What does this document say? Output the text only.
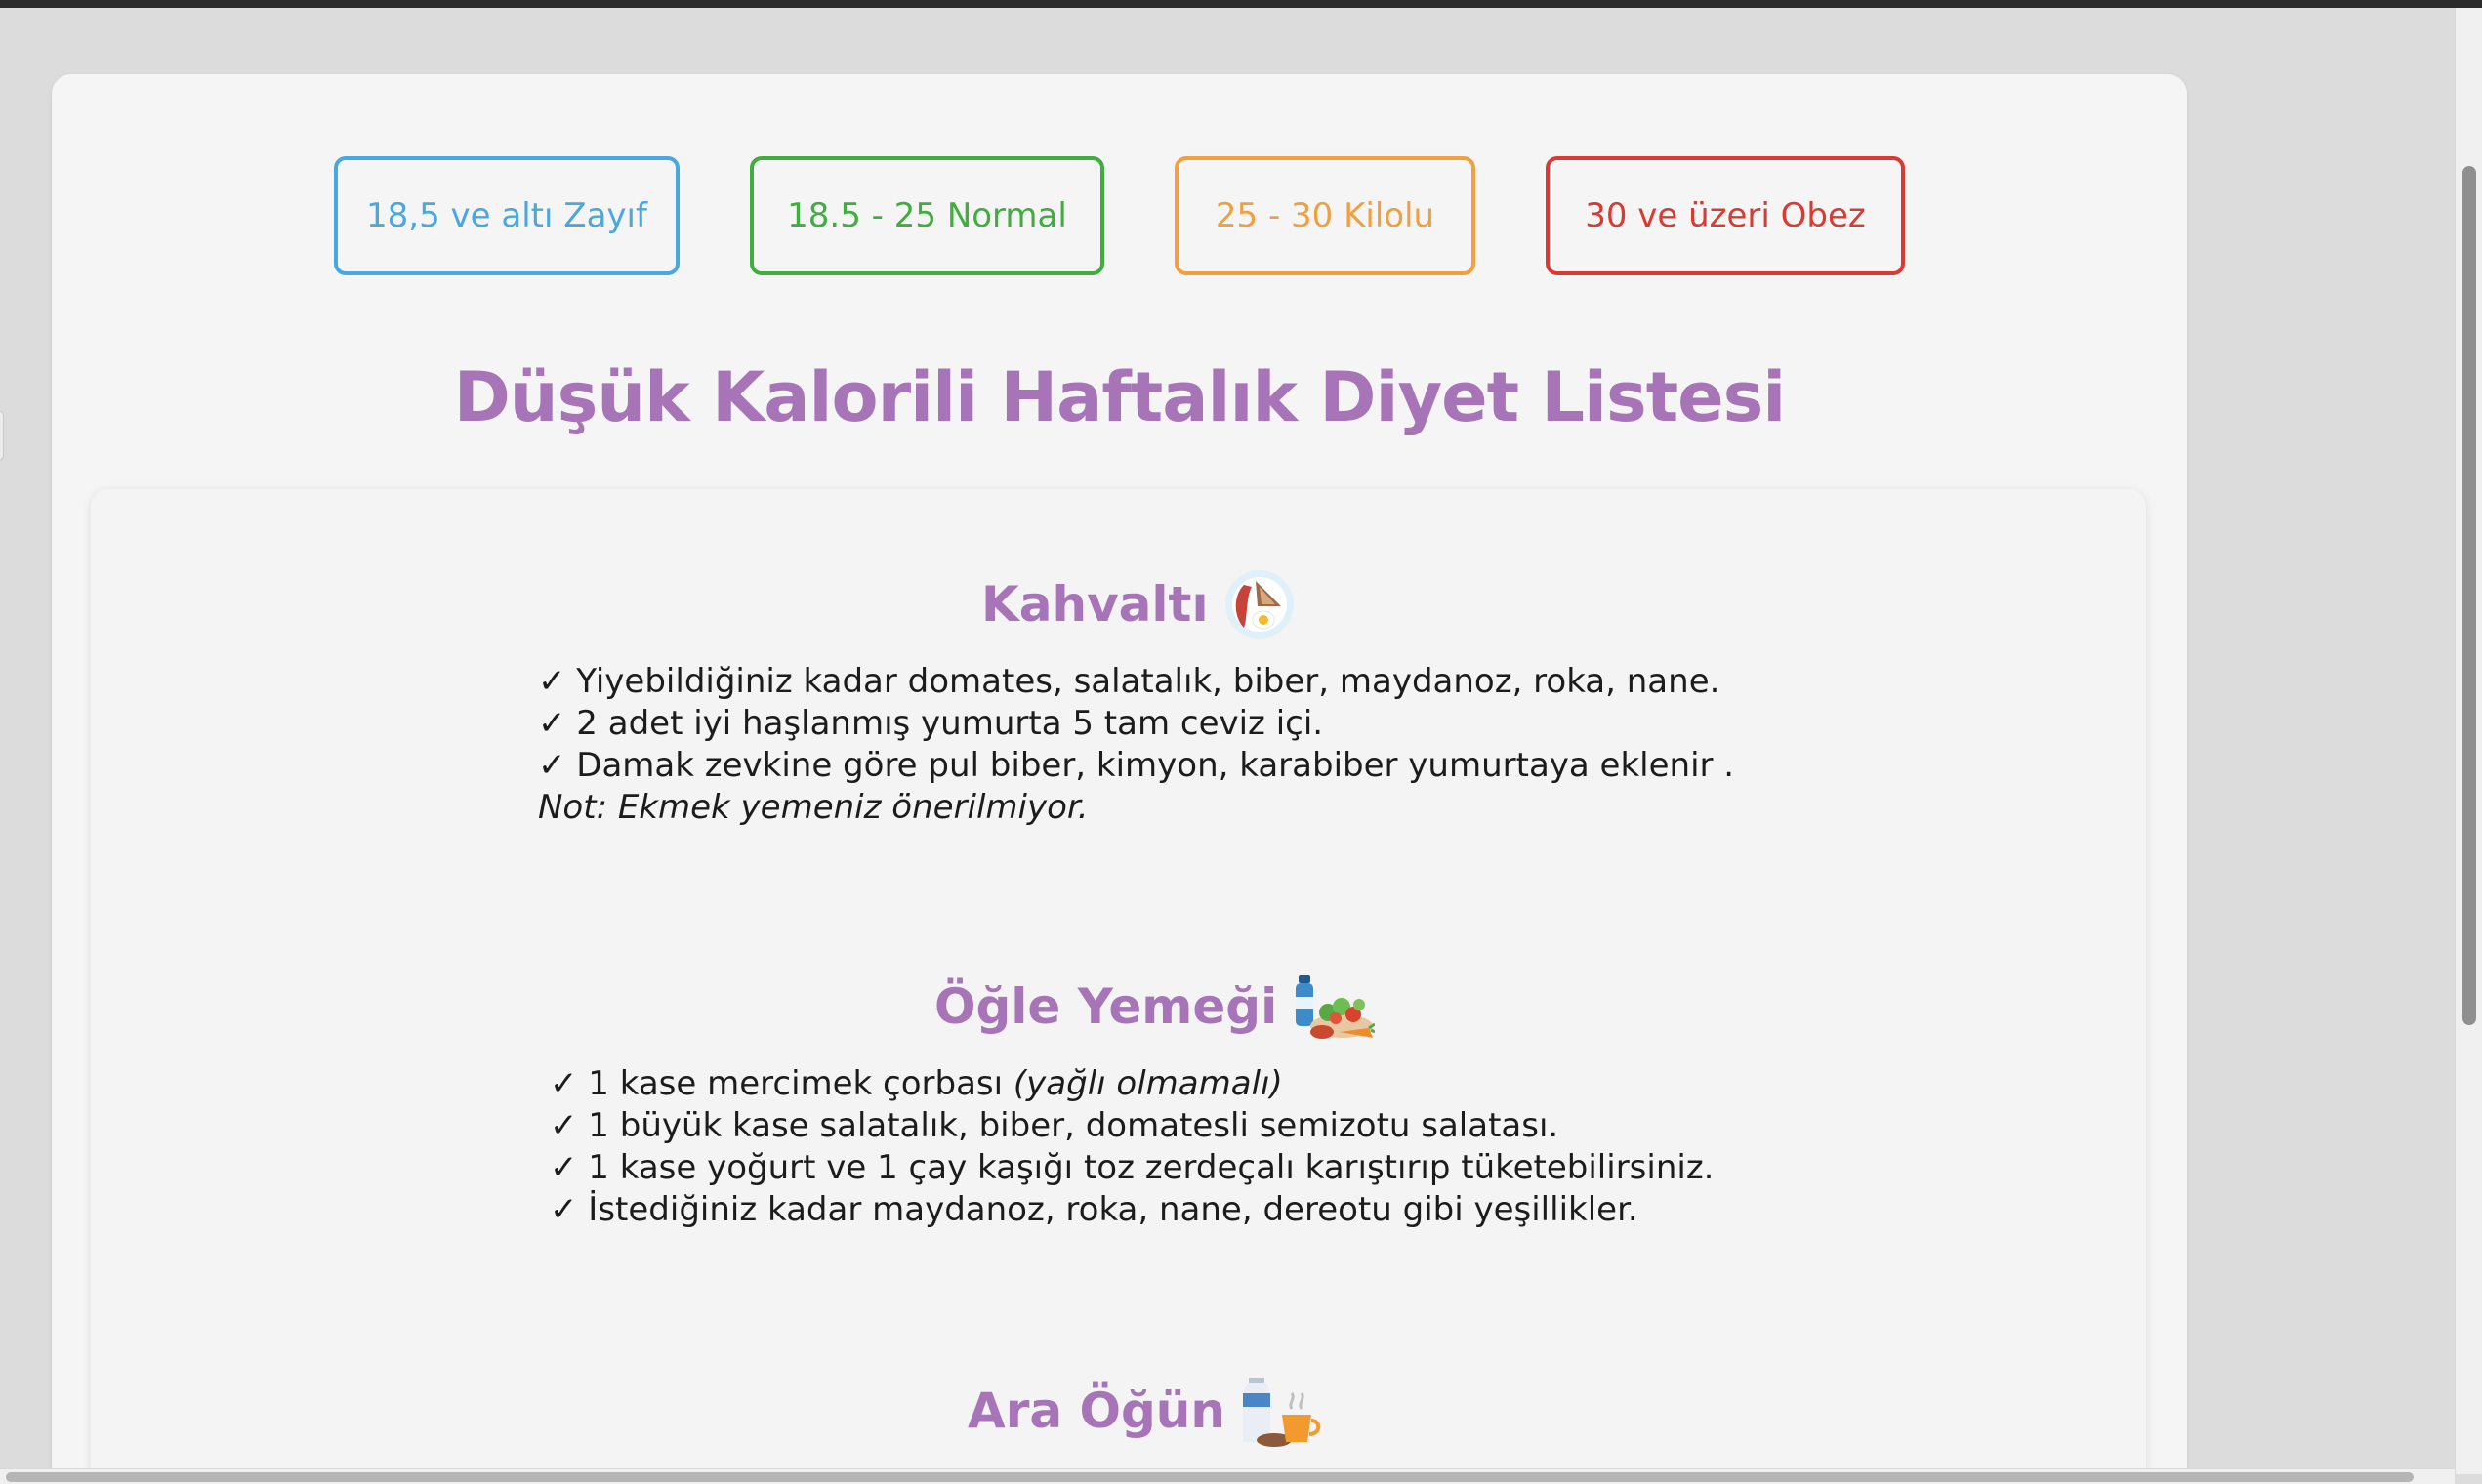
18,5 ve altı Zayıf	18.5 - 25 Normal	25 - 30 Kilolu	30 ve üzeri Obez
Düşük Kalorili Haftalık Diyet Listesi
Kahvaltı
✓ Yiyebildiğiniz kadar domates, salatalık, biber, maydanoz, roka, nane.
✓ 2 adet iyi haşlanmış yumurta 5 tam ceviz içi.
✓ Damak zevkine göre pul biber, kimyon, karabiber yumurtaya eklenir .
Not: Ekmek yemeniz önerilmiyor.
Öğle Yemeği
✓ 1 kase mercimek çorbası (yağlı olmamalı)
✓ 1 büyük kase salatalık, biber, domatesli semizotu salatası.
✓ 1 kase yoğurt ve 1 çay kaşığı toz zerdeçalı karıştırıp tüketebilirsiniz.
✓ İstediğiniz kadar maydanoz, roka, nane, dereotu gibi yeşillikler.
Ara Öğün
